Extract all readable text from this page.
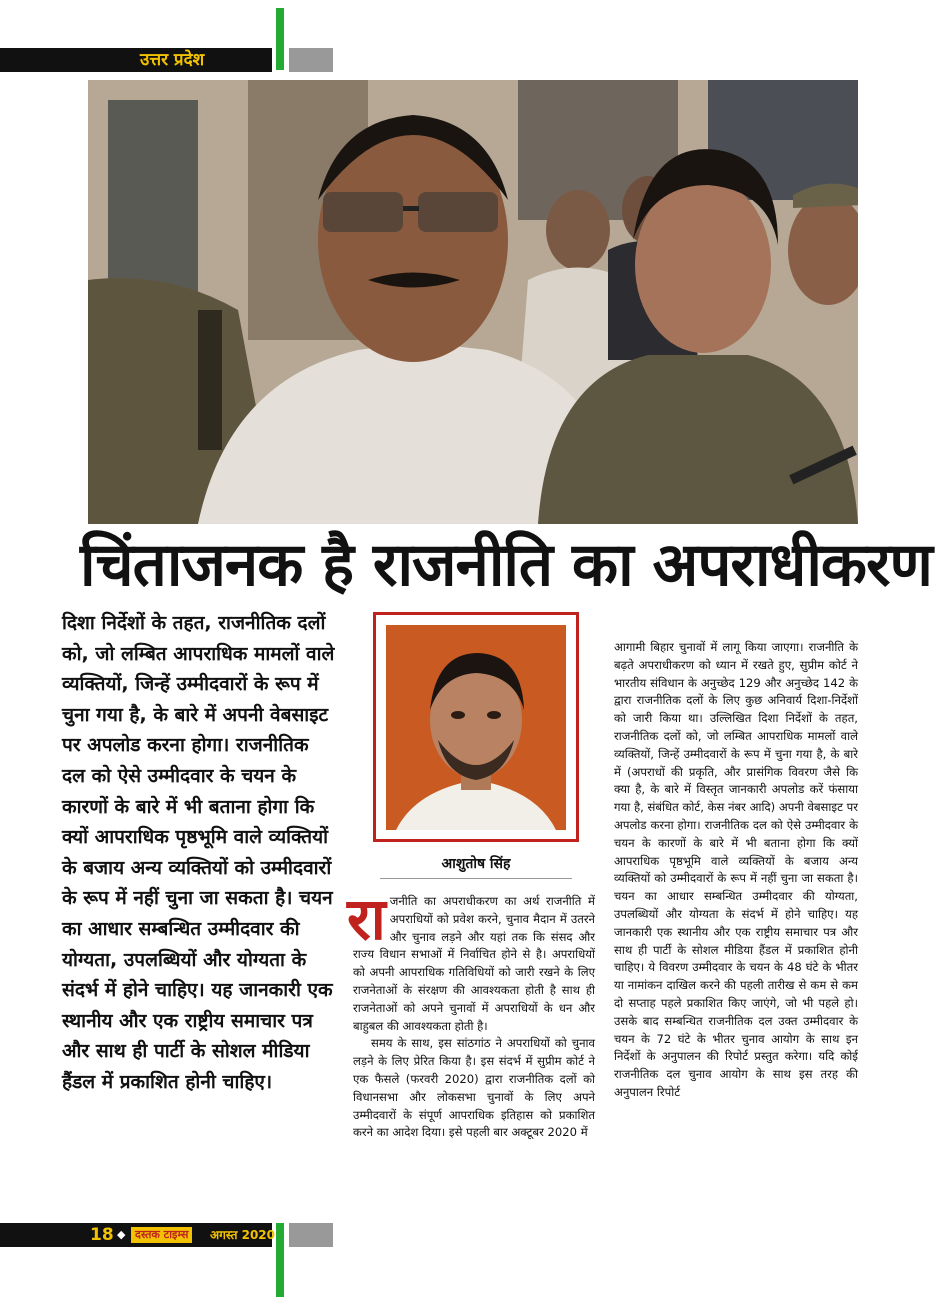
उत्तर प्रदेश
चिंताजनक है राजनीति का अपराधीकरण
दिशा निर्देशों के तहत, राजनीतिक दलों को, जो लम्बित आपराधिक मामलों वाले व्यक्तियों, जिन्हें उम्मीदवारों के रूप में चुना गया है, के बारे में अपनी वेबसाइट पर अपलोड करना होगा। राजनीतिक दल को ऐसे उम्मीदवार के चयन के कारणों के बारे में भी बताना होगा कि क्यों आपराधिक पृष्ठभूमि वाले व्यक्तियों के बजाय अन्य व्यक्तियों को उम्मीदवारों के रूप में नहीं चुना जा सकता है। चयन का आधार सम्बन्धित उम्मीदवार की योग्यता, उपलब्धियों और योग्यता के संदर्भ में होने चाहिए। यह जानकारी एक स्थानीय और एक राष्ट्रीय समाचार पत्र और साथ ही पार्टी के सोशल मीडिया हैंडल में प्रकाशित होनी चाहिए।
आशुतोष सिंह

राजनीति का अपराधीकरण का अर्थ राजनीति में अपराधियों को प्रवेश करने, चुनाव मैदान में उतरने और चुनाव लड़ने और यहां तक कि संसद और राज्य विधान सभाओं में निर्वाचित होने से है। अपराधियों को अपनी आपराधिक गतिविधियों को जारी रखने के लिए राजनेताओं के संरक्षण की आवश्यकता होती है साथ ही राजनेताओं को अपने चुनावों में अपराधियों के धन और बाहुबल की आवश्यकता होती है।

समय के साथ, इस सांठगांठ ने अपराधियों को चुनाव लड़ने के लिए प्रेरित किया है। इस संदर्भ में सुप्रीम कोर्ट ने एक फैसले (फरवरी 2020) द्वारा राजनीतिक दलों को विधानसभा और लोकसभा चुनावों के लिए अपने उम्मीदवारों के संपूर्ण आपराधिक इतिहास को प्रकाशित करने का आदेश दिया। इसे पहली बार अक्टूबर 2020 में

आगामी बिहार चुनावों में लागू किया जाएगा। राजनीति के बढ़ते अपराधीकरण को ध्यान में रखते हुए, सुप्रीम कोर्ट ने भारतीय संविधान के अनुच्छेद 129 और अनुच्छेद 142 के द्वारा राजनीतिक दलों के लिए कुछ अनिवार्य दिशा-निर्देशों को जारी किया था। उल्लिखित दिशा निर्देशों के तहत, राजनीतिक दलों को, जो लम्बित आपराधिक मामलों वाले व्यक्तियों, जिन्हें उम्मीदवारों के रूप में चुना गया है, के बारे में (अपराधों की प्रकृति, और प्रासंगिक विवरण जैसे कि क्या है, के बारे में विस्तृत जानकारी अपलोड करें फंसाया गया है, संबंधित कोर्ट, केस नंबर आदि) अपनी वेबसाइट पर अपलोड करना होगा। राजनीतिक दल को ऐसे उम्मीदवार के चयन के कारणों के बारे में भी बताना होगा कि क्यों आपराधिक पृष्ठभूमि वाले व्यक्तियों के बजाय अन्य व्यक्तियों को उम्मीदवारों के रूप में नहीं चुना जा सकता है। चयन का आधार सम्बन्धित उम्मीदवार की योग्यता, उपलब्धियों और योग्यता के संदर्भ में होने चाहिए। यह जानकारी एक स्थानीय और एक राष्ट्रीय समाचार पत्र और साथ ही पार्टी के सोशल मीडिया हैंडल में प्रकाशित होनी चाहिए। ये विवरण उम्मीदवार के चयन के 48 घंटे के भीतर या नामांकन दाखिल करने की पहली तारीख से कम से कम दो सप्ताह पहले प्रकाशित किए जाएंगे, जो भी पहले हो। उसके बाद सम्बन्धित राजनीतिक दल उक्त उम्मीदवार के चयन के 72 घंटे के भीतर चुनाव आयोग के साथ इन निर्देशों के अनुपालन की रिपोर्ट प्रस्तुत करेगा। यदि कोई राजनीतिक दल चुनाव आयोग के साथ इस तरह की अनुपालन रिपोर्ट
18 ◆ दस्तक टाइम्स	अगस्त 2020
